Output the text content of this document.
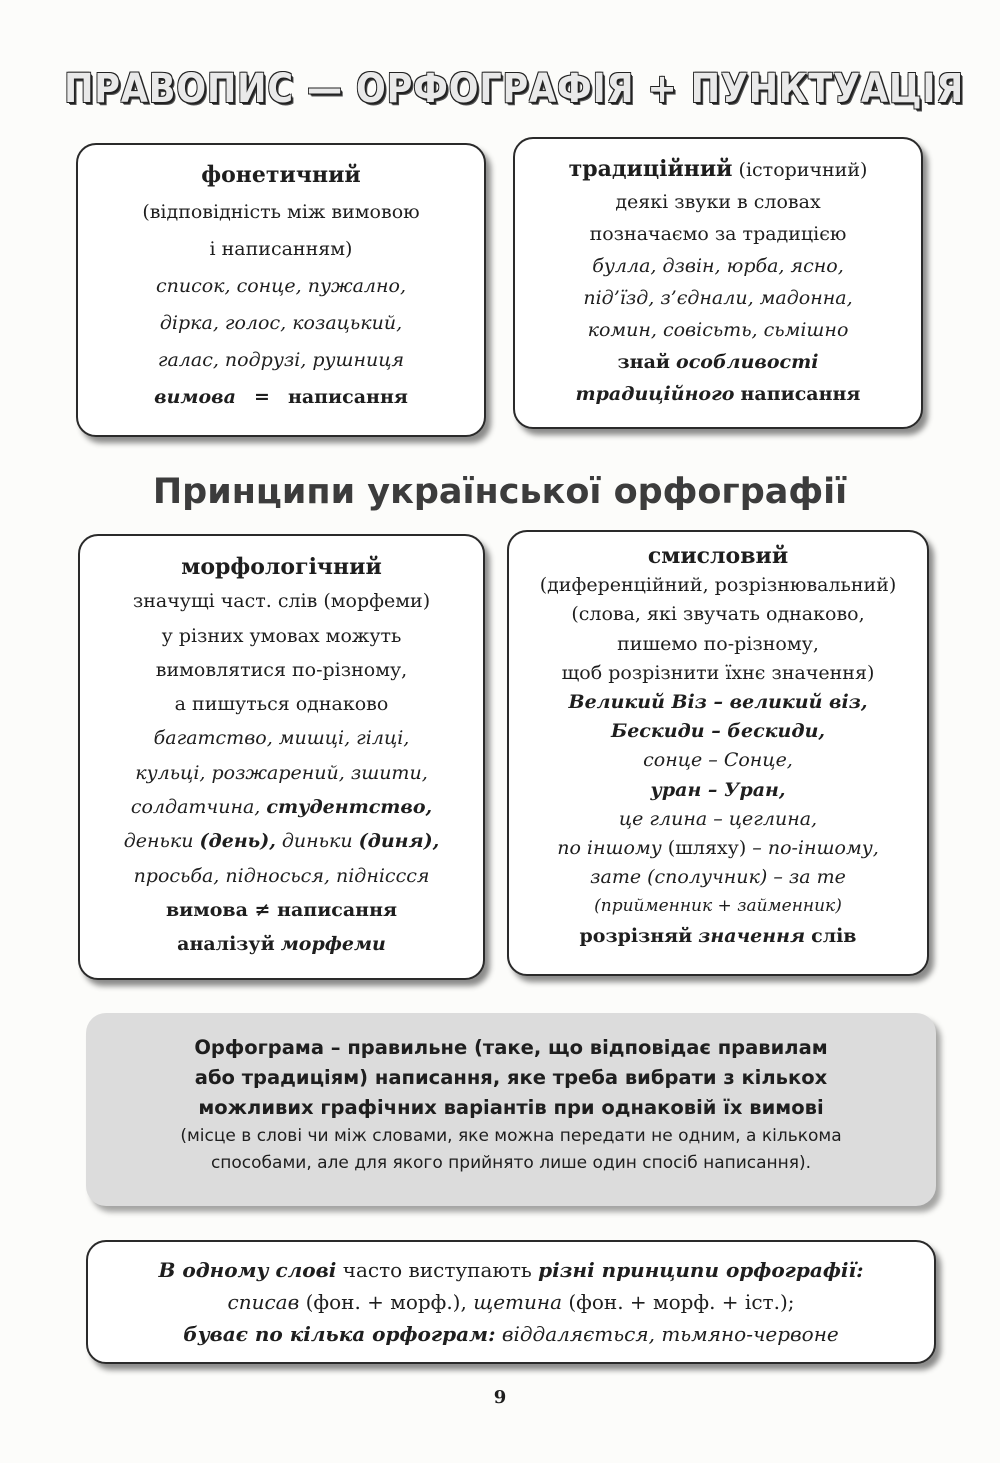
ПРАВОПИС — ОРФОГРАФІЯ + ПУНКТУАЦІЯ
фонетичний
(відповідність між вимовою
і написанням)
список, сонце, пужално,
дірка, голос, козацький,
галас, подрузі, рушниця
вимова = написання
традиційний (історичний)
деякі звуки в словах
позначаємо за традицією
булла, дзвін, юрба, ясно,
під’їзд, з’єднали, мадонна,
комин, совісьть, сьмішно
знай особливості
традиційного написання
Принципи української орфографії
морфологічний
значущі част. слів (морфеми)
у різних умовах можуть
вимовлятися по-різному,
а пишуться однаково
багатство, мишці, гілці,
кульці, розжарений, зшити,
солдатчина, студентство,
деньки (день), диньки (диня),
просьба, підносься, підніссся
вимова ≠ написання
аналізуй морфеми
смисловий
(диференційний, розрізнювальний)
(слова, які звучать однаково,
пишемо по-різному,
щоб розрізнити їхнє значення)
Великий Віз – великий віз,
Бескиди – бескиди,
сонце – Сонце,
уран – Уран,
це глина – цеглина,
по іншому (шляху) – по-іншому,
зате (сполучник) – за те
(прийменник + займенник)
розрізняй значення слів
Орфограма – правильне (таке, що відповідає правилам
або традиціям) написання, яке треба вибрати з кількох
можливих графічних варіантів при однаковій їх вимові
(місце в слові чи між словами, яке можна передати не одним, а кількома
способами, але для якого прийнято лише один спосіб написання).
В одному слові часто виступають різні принципи орфографії:
списав (фон. + морф.), щетина (фон. + морф. + іст.);
буває по кілька орфограм: віддаляється, тьмяно-червоне
9
